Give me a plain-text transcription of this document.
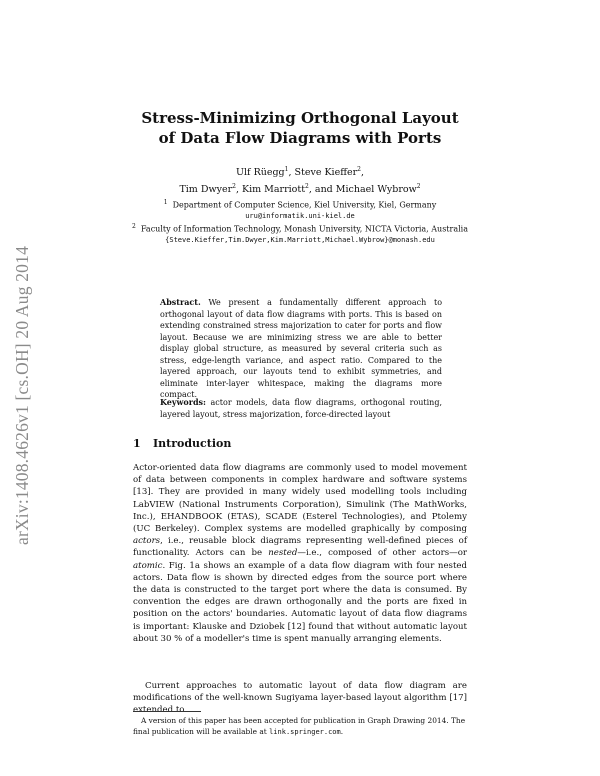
arXiv:1408.4626v1 [cs.OH] 20 Aug 2014
Stress-Minimizing Orthogonal Layout
of Data Flow Diagrams with Ports
Ulf Rüegg$^1$, Steve Kieffer$^2$,
Tim Dwyer$^2$, Kim Marriott$^2$, and Michael Wybrow$^2$
$^1$ Department of Computer Science, Kiel University, Kiel, Germany
uru@informatik.uni-kiel.de
$^2$ Faculty of Information Technology, Monash University, NICTA Victoria, Australia
{Steve.Kieffer,Tim.Dwyer,Kim.Marriott,Michael.Wybrow}@monash.edu
Abstract. We present a fundamentally different approach to orthogonal layout of data flow diagrams with ports. This is based on extending constrained stress majorization to cater for ports and flow layout. Because we are minimizing stress we are able to better display global structure, as measured by several criteria such as stress, edge-length variance, and aspect ratio. Compared to the layered approach, our layouts tend to exhibit symmetries, and eliminate inter-layer whitespace, making the diagrams more compact.
Keywords: actor models, data flow diagrams, orthogonal routing, layered layout, stress majorization, force-directed layout
1 Introduction
Actor-oriented data flow diagrams are commonly used to model movement of data between components in complex hardware and software systems [13]. They are provided in many widely used modelling tools including LabVIEW (National Instruments Corporation), Simulink (The MathWorks, Inc.), EHANDBOOK (ETAS), SCADE (Esterel Technologies), and Ptolemy (UC Berkeley). Complex systems are modelled graphically by composing actors, i.e., reusable block diagrams representing well-defined pieces of functionality. Actors can be nested—i.e., composed of other actors—or atomic. Fig. 1a shows an example of a data flow diagram with four nested actors. Data flow is shown by directed edges from the source port where the data is constructed to the target port where the data is consumed. By convention the edges are drawn orthogonally and the ports are fixed in position on the actors' boundaries. Automatic layout of data flow diagrams is important: Klauske and Dziobek [12] found that without automatic layout about 30 % of a modeller's time is spent manually arranging elements.
Current approaches to automatic layout of data flow diagram are modifications of the well-known Sugiyama layer-based layout algorithm [17] extended to
A version of this paper has been accepted for publication in Graph Drawing 2014. The final publication will be available at link.springer.com.
